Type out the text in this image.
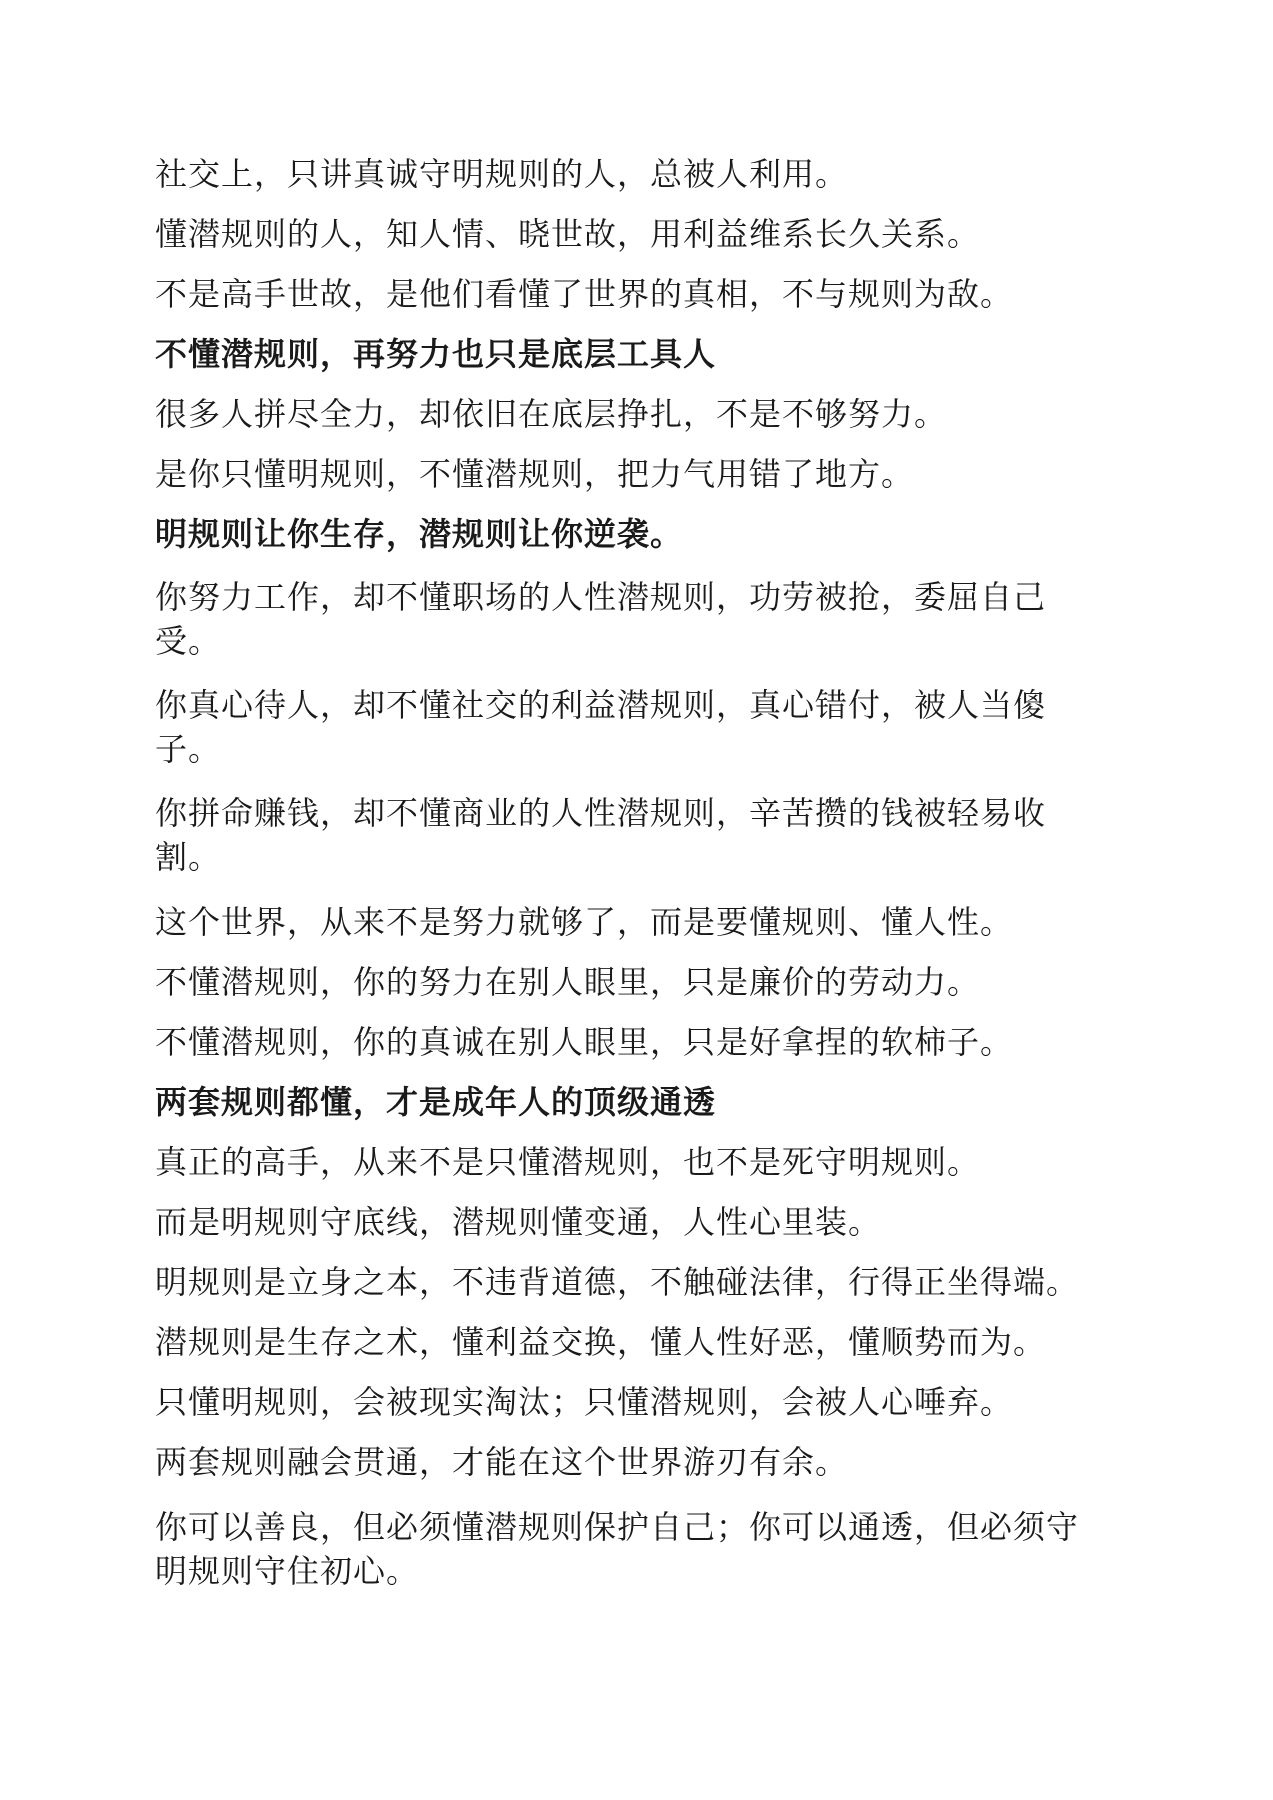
社交上，只讲真诚守明规则的人，总被人利用。
懂潜规则的人，知人情、晓世故，用利益维系长久关系。
不是高手世故，是他们看懂了世界的真相，不与规则为敌。
不懂潜规则，再努力也只是底层工具人
很多人拼尽全力，却依旧在底层挣扎，不是不够努力。
是你只懂明规则，不懂潜规则，把力气用错了地方。
明规则让你生存，潜规则让你逆袭。
你努力工作，却不懂职场的人性潜规则，功劳被抢，委屈自己受。
你真心待人，却不懂社交的利益潜规则，真心错付，被人当傻子。
你拼命赚钱，却不懂商业的人性潜规则，辛苦攒的钱被轻易收割。
这个世界，从来不是努力就够了，而是要懂规则、懂人性。
不懂潜规则，你的努力在别人眼里，只是廉价的劳动力。
不懂潜规则，你的真诚在别人眼里，只是好拿捏的软柿子。
两套规则都懂，才是成年人的顶级通透
真正的高手，从来不是只懂潜规则，也不是死守明规则。
而是明规则守底线，潜规则懂变通，人性心里装。
明规则是立身之本，不违背道德，不触碰法律，行得正坐得端。
潜规则是生存之术，懂利益交换，懂人性好恶，懂顺势而为。
只懂明规则，会被现实淘汰；只懂潜规则，会被人心唾弃。
两套规则融会贯通，才能在这个世界游刃有余。
你可以善良，但必须懂潜规则保护自己；你可以通透，但必须守明规则守住初心。
